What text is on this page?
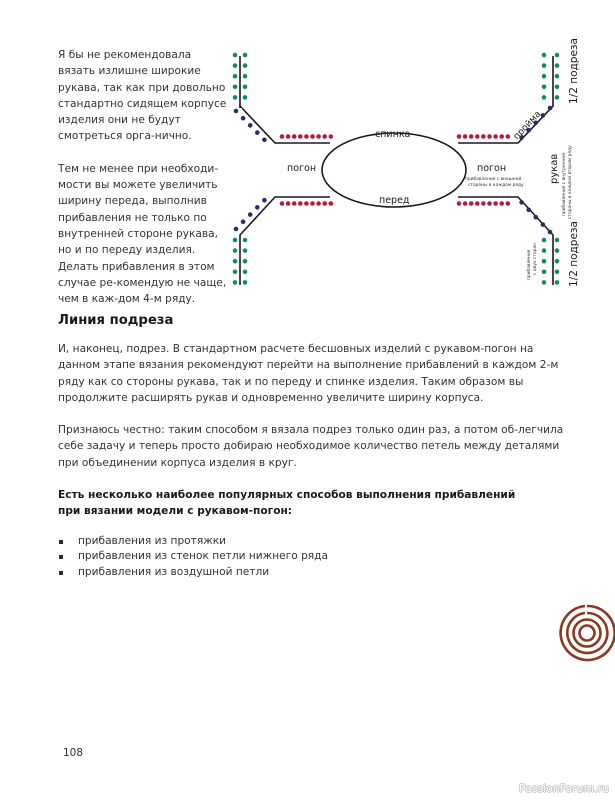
Я бы не рекомендовала вязать излишне широкие рукава, так как при довольно стандартно сидящем корпусе изделия они не будут смотреться орга-нично.

Тем не менее при необходи-мости вы можете увеличить ширину переда, выполнив прибавления не только по внутренней стороне рукава, но и по переду изделия. Делать прибавления в этом случае ре-комендую не чаще, чем в каж-дом 4-м ряду.

спинка
перед
погон	погон
прибавления с внешней
стороны в каждом ряду
пройма
рукав прибавления с внутренней стороны в каждом втором ряду
1/2 подреза
1/2 подреза
прибавления с двух сторон
Линия подреза

И, наконец, подрез. В стандартном расчете бесшовных изделий с рукавом-погон на данном этапе вязания рекомендуют перейти на выполнение прибавлений в каждом 2-м ряду как со стороны рукава, так и по переду и спинке изделия. Таким образом вы продолжите расширять рукав и одновременно увеличите ширину корпуса.

Признаюсь честно: таким способом я вязала подрез только один раз, а потом об-легчила себе задачу и теперь просто добираю необходимое количество петель между деталями при объединении корпуса изделия в круг.

Есть несколько наиболее популярных способов выполнения прибавлений
при вязании модели с рукавом-погон:

прибавления из протяжки
прибавления из стенок петли нижнего ряда
прибавления из воздушной петли
108
PassionForum.ru
